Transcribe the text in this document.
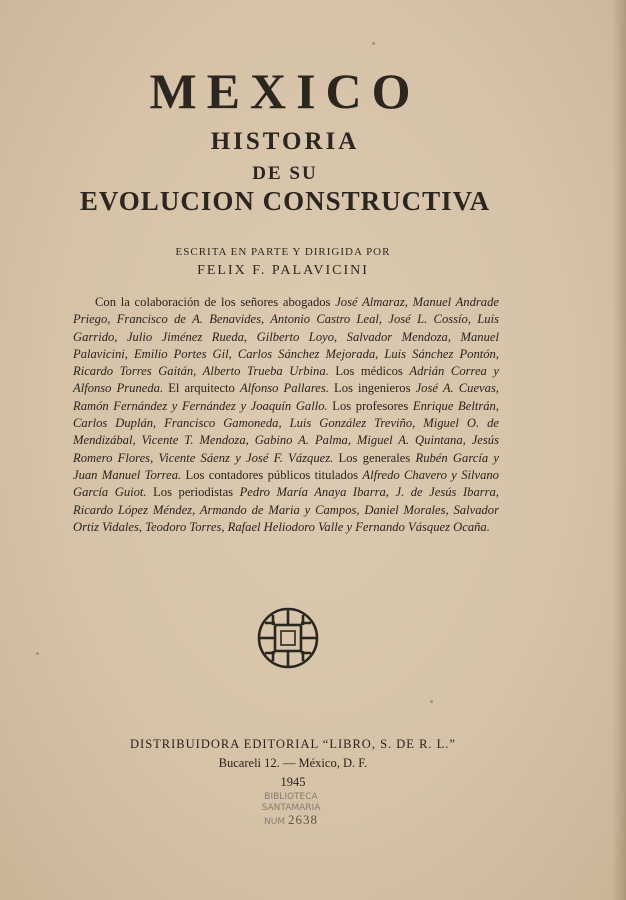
MEXICO
HISTORIA
DE SU
EVOLUCION CONSTRUCTIVA
ESCRITA EN PARTE Y DIRIGIDA POR
FELIX F. PALAVICINI

Con la colaboración de los señores abogados José Almaraz, Manuel Andrade Priego, Francisco de A. Benavides, Antonio Castro Leal, José L. Cossío, Luis Garrido, Julio Jiménez Rueda, Gilberto Loyo, Salvador Mendoza, Manuel Palavicini, Emilio Portes Gil, Carlos Sánchez Mejorada, Luis Sánchez Pontón, Ricardo Torres Gaitán, Alberto Trueba Urbina. Los médicos Adrián Correa y Alfonso Pruneda. El arquitecto Alfonso Pallares. Los ingenieros José A. Cuevas, Ramón Fernández y Fernández y Joaquín Gallo. Los profesores Enrique Beltrán, Carlos Duplán, Francisco Gamoneda, Luis González Treviño, Miguel O. de Mendizábal, Vicente T. Mendoza, Gabino A. Palma, Miguel A. Quintana, Jesús Romero Flores, Vicente Sáenz y José F. Vázquez. Los generales Rubén García y Juan Manuel Torrea. Los contadores públicos titulados Alfredo Chavero y Silvano García Guiot. Los periodistas Pedro María Anaya Ibarra, J. de Jesús Ibarra, Ricardo López Méndez, Armando de Maria y Campos, Daniel Morales, Salvador Ortiz Vidales, Teodoro Torres, Rafael Heliodoro Valle y Fernando Vásquez Ocaña.

DISTRIBUIDORA EDITORIAL “LIBRO, S. DE R. L.”
Bucareli 12. — México, D. F.
1945
BIBLIOTECA
SANTAMARIA
NUM 2638
